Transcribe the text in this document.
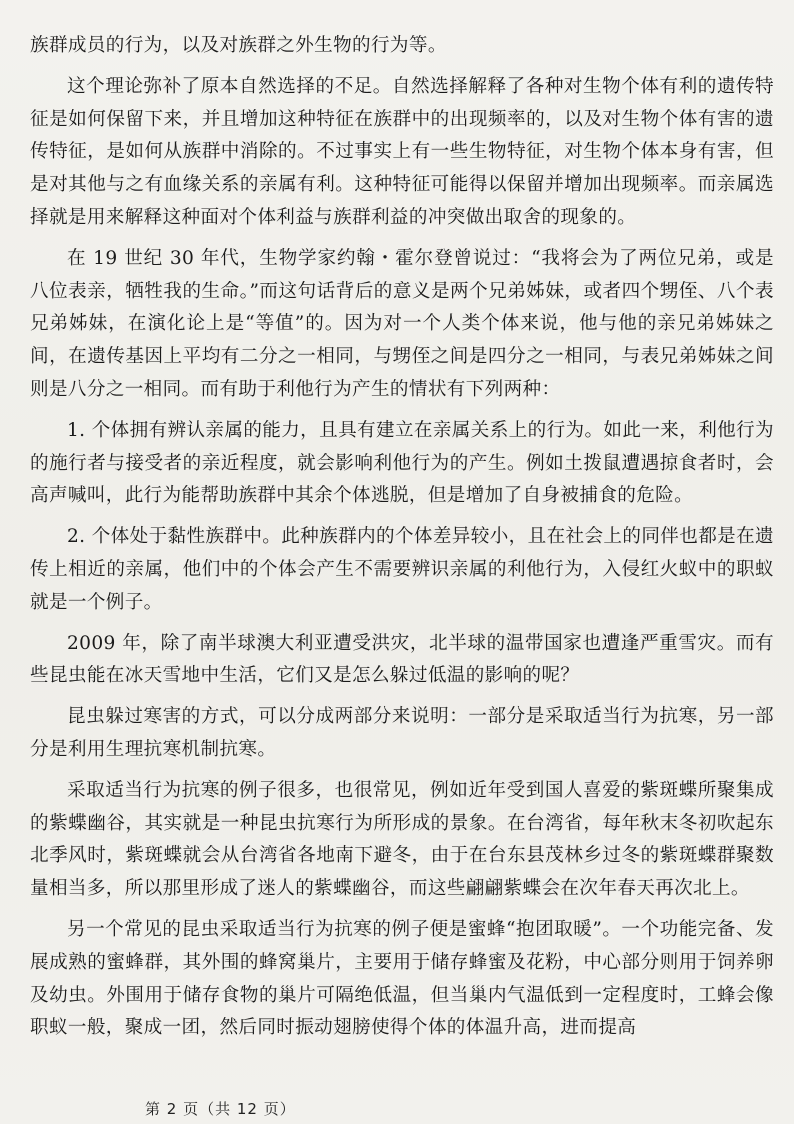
族群成员的行为，以及对族群之外生物的行为等。

这个理论弥补了原本自然选择的不足。自然选择解释了各种对生物个体有利的遗传特征是如何保留下来，并且增加这种特征在族群中的出现频率的，以及对生物个体有害的遗传特征，是如何从族群中消除的。不过事实上有一些生物特征，对生物个体本身有害，但是对其他与之有血缘关系的亲属有利。这种特征可能得以保留并增加出现频率。而亲属选择就是用来解释这种面对个体利益与族群利益的冲突做出取舍的现象的。

在 19 世纪 30 年代，生物学家约翰・霍尔登曾说过：“我将会为了两位兄弟，或是八位表亲，牺牲我的生命。”而这句话背后的意义是两个兄弟姊妹，或者四个甥侄、八个表兄弟姊妹，在演化论上是“等值”的。因为对一个人类个体来说，他与他的亲兄弟姊妹之间，在遗传基因上平均有二分之一相同，与甥侄之间是四分之一相同，与表兄弟姊妹之间则是八分之一相同。而有助于利他行为产生的情状有下列两种：

1. 个体拥有辨认亲属的能力，且具有建立在亲属关系上的行为。如此一来，利他行为的施行者与接受者的亲近程度，就会影响利他行为的产生。例如土拨鼠遭遇掠食者时，会高声喊叫，此行为能帮助族群中其余个体逃脱，但是增加了自身被捕食的危险。

2. 个体处于黏性族群中。此种族群内的个体差异较小，且在社会上的同伴也都是在遗传上相近的亲属，他们中的个体会产生不需要辨识亲属的利他行为，入侵红火蚁中的职蚁就是一个例子。

2009 年，除了南半球澳大利亚遭受洪灾，北半球的温带国家也遭逢严重雪灾。而有些昆虫能在冰天雪地中生活，它们又是怎么躲过低温的影响的呢？

昆虫躲过寒害的方式，可以分成两部分来说明：一部分是采取适当行为抗寒，另一部分是利用生理抗寒机制抗寒。

采取适当行为抗寒的例子很多，也很常见，例如近年受到国人喜爱的紫斑蝶所聚集成的紫蝶幽谷，其实就是一种昆虫抗寒行为所形成的景象。在台湾省，每年秋末冬初吹起东北季风时，紫斑蝶就会从台湾省各地南下避冬，由于在台东县茂林乡过冬的紫斑蝶群聚数量相当多，所以那里形成了迷人的紫蝶幽谷，而这些翩翩紫蝶会在次年春天再次北上。

另一个常见的昆虫采取适当行为抗寒的例子便是蜜蜂“抱团取暖”。一个功能完备、发展成熟的蜜蜂群，其外围的蜂窝巢片，主要用于储存蜂蜜及花粉，中心部分则用于饲养卵及幼虫。外围用于储存食物的巢片可隔绝低温，但当巢内气温低到一定程度时，工蜂会像职蚁一般，聚成一团，然后同时振动翅膀使得个体的体温升高，进而提高

第 2 页（共 12 页）
